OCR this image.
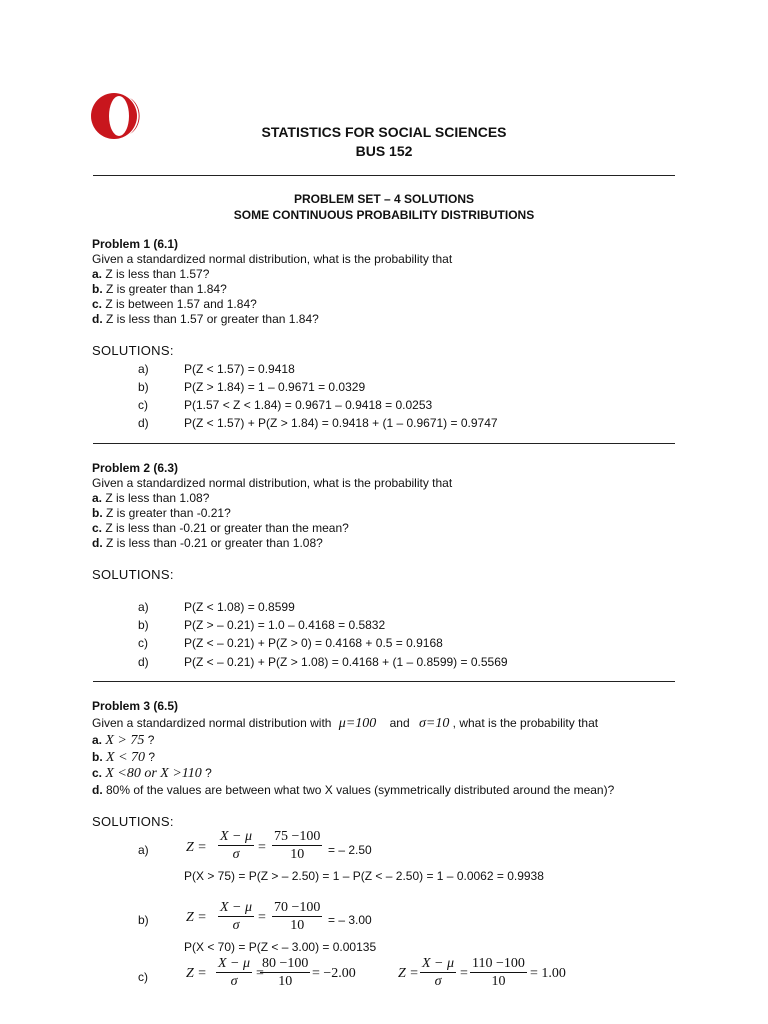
STATISTICS FOR SOCIAL SCIENCES
BUS 152
PROBLEM SET – 4 SOLUTIONS
SOME CONTINUOUS PROBABILITY DISTRIBUTIONS
Problem 1 (6.1)
Given a standardized normal distribution, what is the probability that
a. Z is less than 1.57?
b. Z is greater than 1.84?
c. Z is between 1.57 and 1.84?
d. Z is less than 1.57 or greater than 1.84?
SOLUTIONS:
a)	P(Z < 1.57) = 0.9418
b)	P(Z > 1.84) = 1 – 0.9671 = 0.0329
c)	P(1.57 < Z < 1.84) = 0.9671 – 0.9418 = 0.0253
d)	P(Z < 1.57) + P(Z > 1.84) = 0.9418 + (1 – 0.9671) = 0.9747
Problem 2 (6.3)
Given a standardized normal distribution, what is the probability that
a. Z is less than 1.08?
b. Z is greater than -0.21?
c. Z is less than -0.21 or greater than the mean?
d. Z is less than -0.21 or greater than 1.08?
SOLUTIONS:
a)	P(Z < 1.08) = 0.8599
b)	P(Z > – 0.21) = 1.0 – 0.4168 = 0.5832
c)	P(Z < – 0.21) + P(Z > 0) = 0.4168 + 0.5 = 0.9168
d)	P(Z < – 0.21) + P(Z > 1.08) = 0.4168 + (1 – 0.8599) = 0.5569
Problem 3 (6.5)
Given a standardized normal distribution with μ=100 and σ=10 , what is the probability that
a. X > 75 ?
b. X < 70 ?
c. X <80 or X >110 ?
d. 80% of the values are between what two X values (symmetrically distributed around the mean)?
SOLUTIONS:
a)	$Z = \frac{X - \mu}{\sigma} = \frac{75 -100}{10}$ = – 2.50
P(X > 75) = P(Z > – 2.50) = 1 – P(Z < – 2.50) = 1 – 0.0062 = 0.9938
b)	$Z = \frac{X - \mu}{\sigma} = \frac{70 -100}{10}$ = – 3.00
P(X < 70) = P(Z < – 3.00) = 0.00135
c)	$Z = \frac{X - \mu}{\sigma}$ =
$\frac{80 -100}{10} = -2.00$	$Z = \frac{X - \mu}{\sigma} = \frac{110 -100}{10} = 1.00$
